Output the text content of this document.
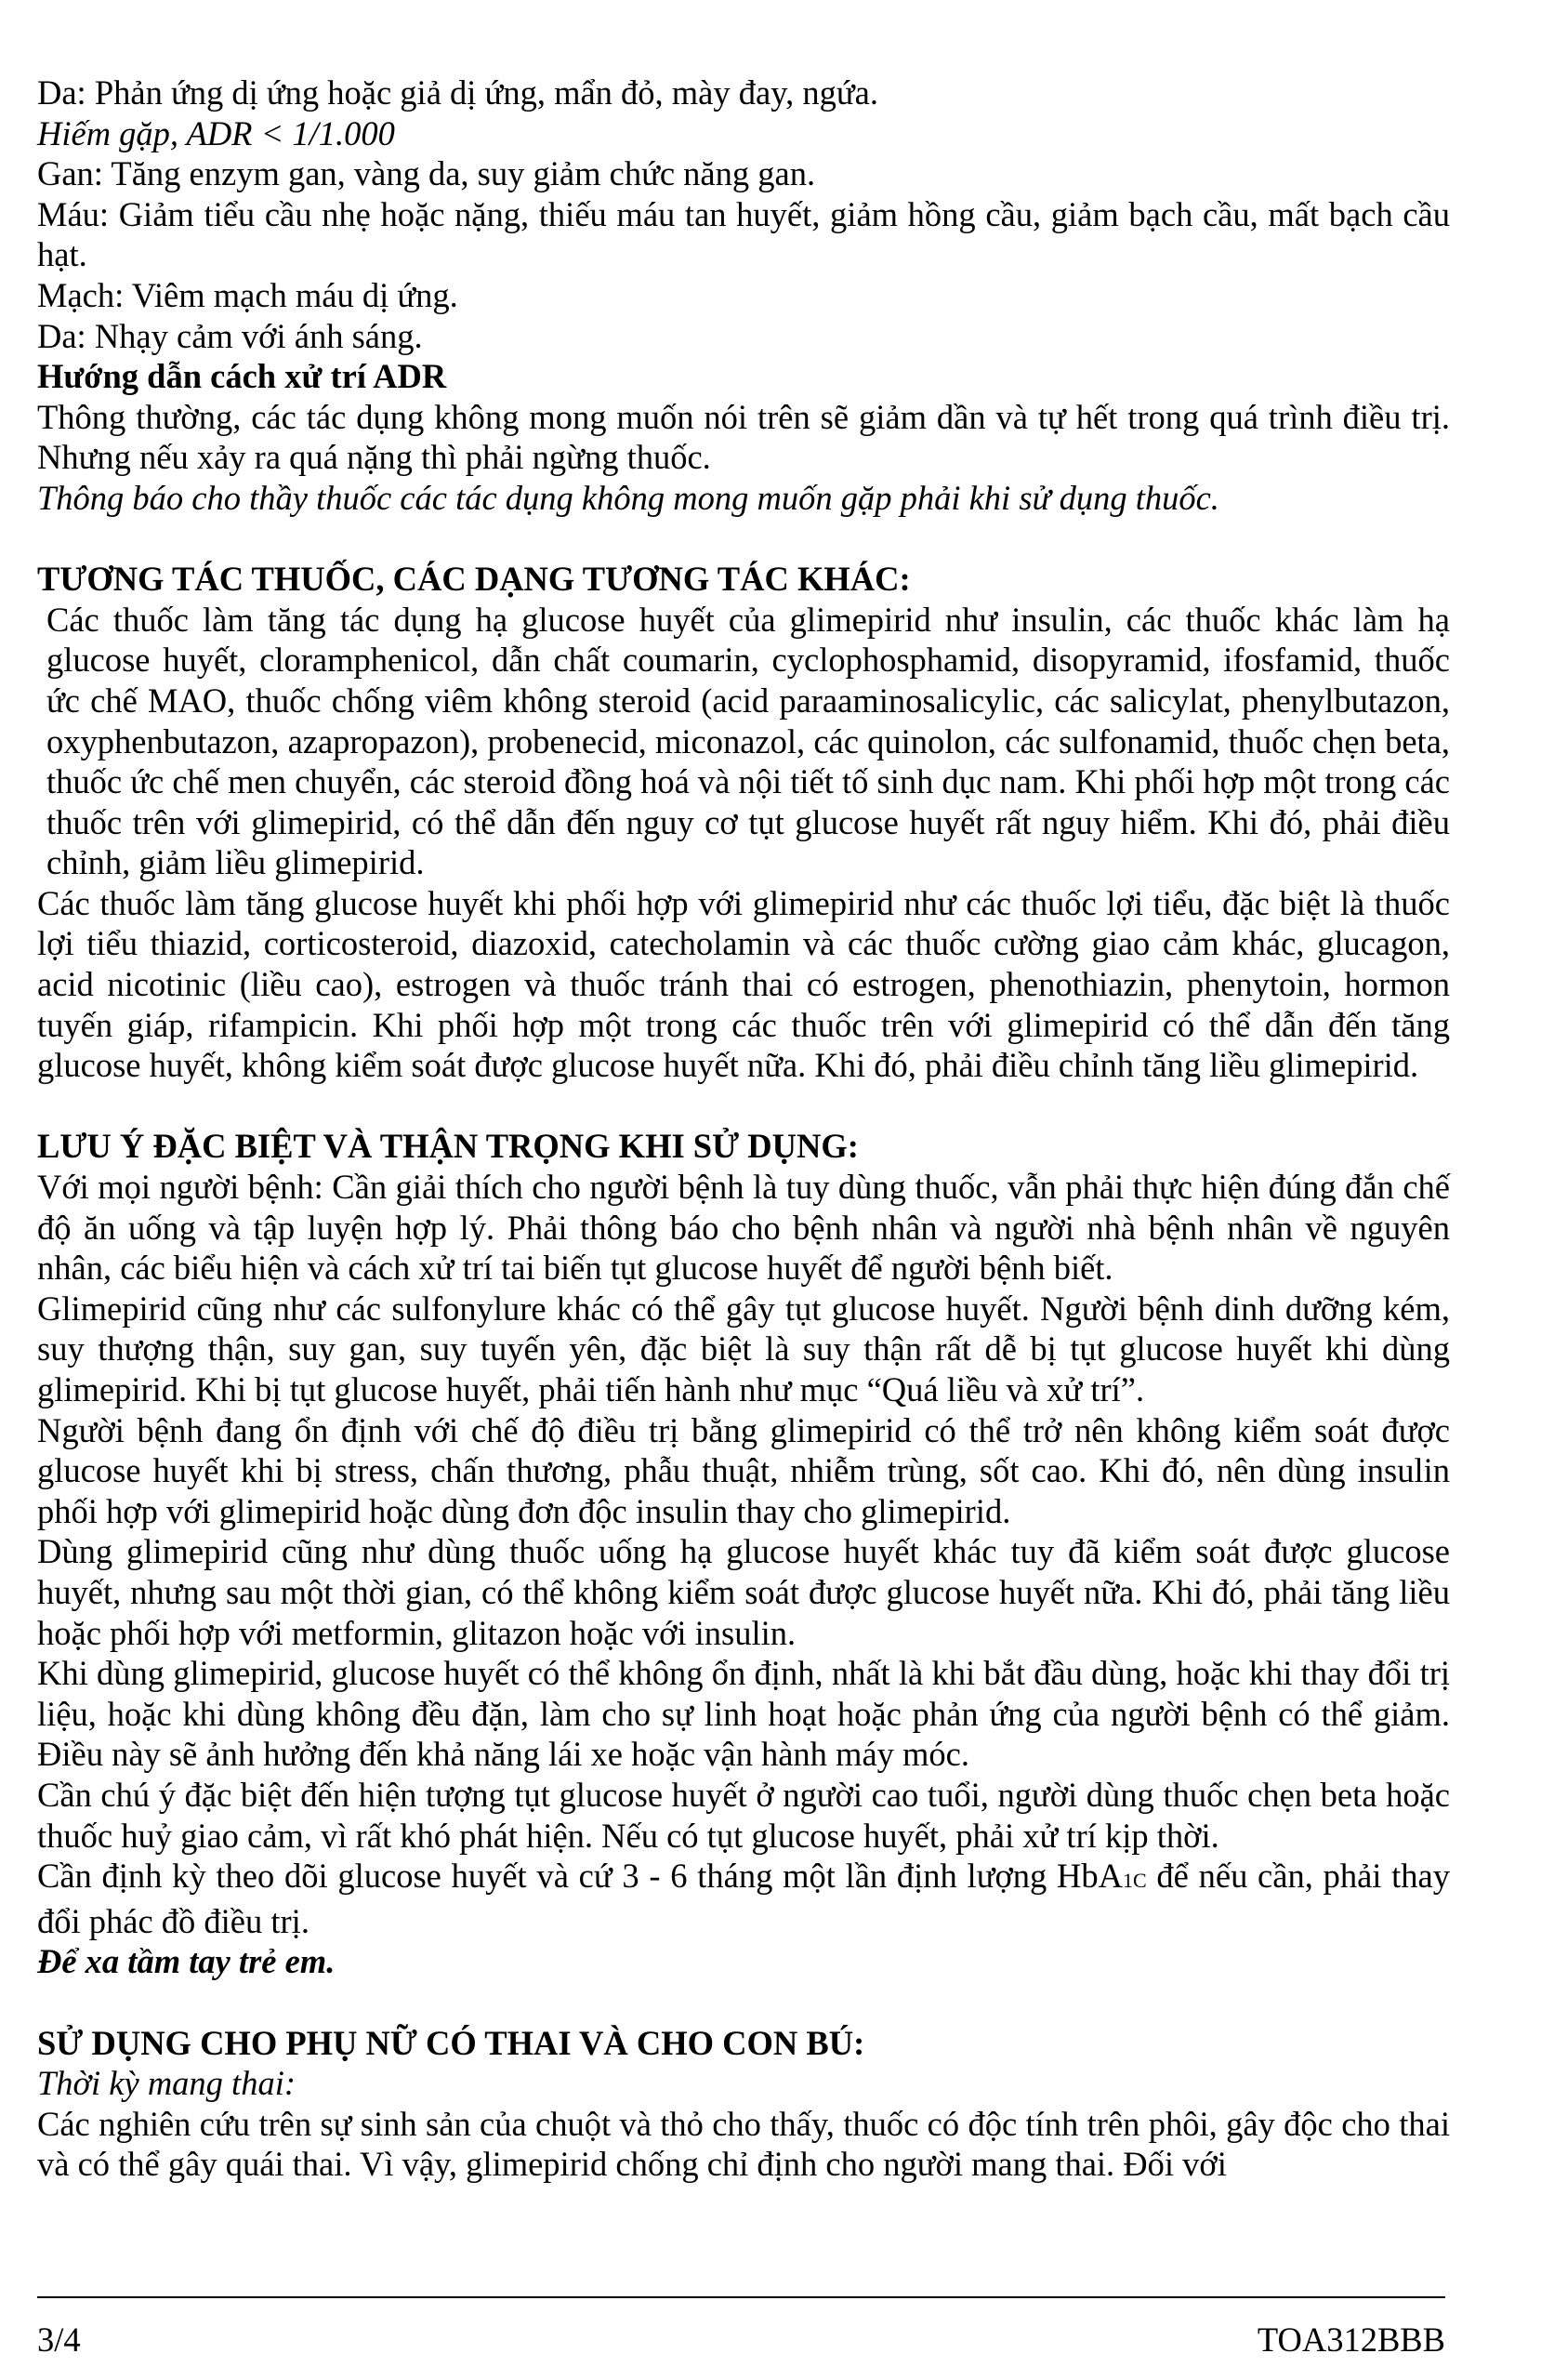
Da: Phản ứng dị ứng hoặc giả dị ứng, mẩn đỏ, mày đay, ngứa.

Hiếm gặp, ADR < 1/1.000

Gan: Tăng enzym gan, vàng da, suy giảm chức năng gan.

Máu: Giảm tiểu cầu nhẹ hoặc nặng, thiếu máu tan huyết, giảm hồng cầu, giảm bạch cầu, mất bạch cầu hạt.

Mạch: Viêm mạch máu dị ứng.

Da: Nhạy cảm với ánh sáng.

Hướng dẫn cách xử trí ADR

Thông thường, các tác dụng không mong muốn nói trên sẽ giảm dần và tự hết trong quá trình điều trị. Nhưng nếu xảy ra quá nặng thì phải ngừng thuốc.

Thông báo cho thầy thuốc các tác dụng không mong muốn gặp phải khi sử dụng thuốc.

TƯƠNG TÁC THUỐC, CÁC DẠNG TƯƠNG TÁC KHÁC:

Các thuốc làm tăng tác dụng hạ glucose huyết của glimepirid như insulin, các thuốc khác làm hạ glucose huyết, cloramphenicol, dẫn chất coumarin, cyclophosphamid, disopyramid, ifosfamid, thuốc ức chế MAO, thuốc chống viêm không steroid (acid paraaminosalicylic, các salicylat, phenylbutazon, oxyphenbutazon, azapropazon), probenecid, miconazol, các quinolon, các sulfonamid, thuốc chẹn beta, thuốc ức chế men chuyển, các steroid đồng hoá và nội tiết tố sinh dục nam. Khi phối hợp một trong các thuốc trên với glimepirid, có thể dẫn đến nguy cơ tụt glucose huyết rất nguy hiểm. Khi đó, phải điều chỉnh, giảm liều glimepirid.

Các thuốc làm tăng glucose huyết khi phối hợp với glimepirid như các thuốc lợi tiểu, đặc biệt là thuốc lợi tiểu thiazid, corticosteroid, diazoxid, catecholamin và các thuốc cường giao cảm khác, glucagon, acid nicotinic (liều cao), estrogen và thuốc tránh thai có estrogen, phenothiazin, phenytoin, hormon tuyến giáp, rifampicin. Khi phối hợp một trong các thuốc trên với glimepirid có thể dẫn đến tăng glucose huyết, không kiểm soát được glucose huyết nữa. Khi đó, phải điều chỉnh tăng liều glimepirid.

LƯU Ý ĐẶC BIỆT VÀ THẬN TRỌNG KHI SỬ DỤNG:

Với mọi người bệnh: Cần giải thích cho người bệnh là tuy dùng thuốc, vẫn phải thực hiện đúng đắn chế độ ăn uống và tập luyện hợp lý. Phải thông báo cho bệnh nhân và người nhà bệnh nhân về nguyên nhân, các biểu hiện và cách xử trí tai biến tụt glucose huyết để người bệnh biết.

Glimepirid cũng như các sulfonylure khác có thể gây tụt glucose huyết. Người bệnh dinh dưỡng kém, suy thượng thận, suy gan, suy tuyến yên, đặc biệt là suy thận rất dễ bị tụt glucose huyết khi dùng glimepirid. Khi bị tụt glucose huyết, phải tiến hành như mục “Quá liều và xử trí”.

Người bệnh đang ổn định với chế độ điều trị bằng glimepirid có thể trở nên không kiểm soát được glucose huyết khi bị stress, chấn thương, phẫu thuật, nhiễm trùng, sốt cao. Khi đó, nên dùng insulin phối hợp với glimepirid hoặc dùng đơn độc insulin thay cho glimepirid.

Dùng glimepirid cũng như dùng thuốc uống hạ glucose huyết khác tuy đã kiểm soát được glucose huyết, nhưng sau một thời gian, có thể không kiểm soát được glucose huyết nữa. Khi đó, phải tăng liều hoặc phối hợp với metformin, glitazon hoặc với insulin.

Khi dùng glimepirid, glucose huyết có thể không ổn định, nhất là khi bắt đầu dùng, hoặc khi thay đổi trị liệu, hoặc khi dùng không đều đặn, làm cho sự linh hoạt hoặc phản ứng của người bệnh có thể giảm. Điều này sẽ ảnh hưởng đến khả năng lái xe hoặc vận hành máy móc.

Cần chú ý đặc biệt đến hiện tượng tụt glucose huyết ở người cao tuổi, người dùng thuốc chẹn beta hoặc thuốc huỷ giao cảm, vì rất khó phát hiện. Nếu có tụt glucose huyết, phải xử trí kịp thời.

Cần định kỳ theo dõi glucose huyết và cứ 3 - 6 tháng một lần định lượng HbA1C để nếu cần, phải thay đổi phác đồ điều trị.

Để xa tầm tay trẻ em.

SỬ DỤNG CHO PHỤ NỮ CÓ THAI VÀ CHO CON BÚ:

Thời kỳ mang thai:

Các nghiên cứu trên sự sinh sản của chuột và thỏ cho thấy, thuốc có độc tính trên phôi, gây độc cho thai và có thể gây quái thai. Vì vậy, glimepirid chống chỉ định cho người mang thai. Đối với

3/4	TOA312BBB
